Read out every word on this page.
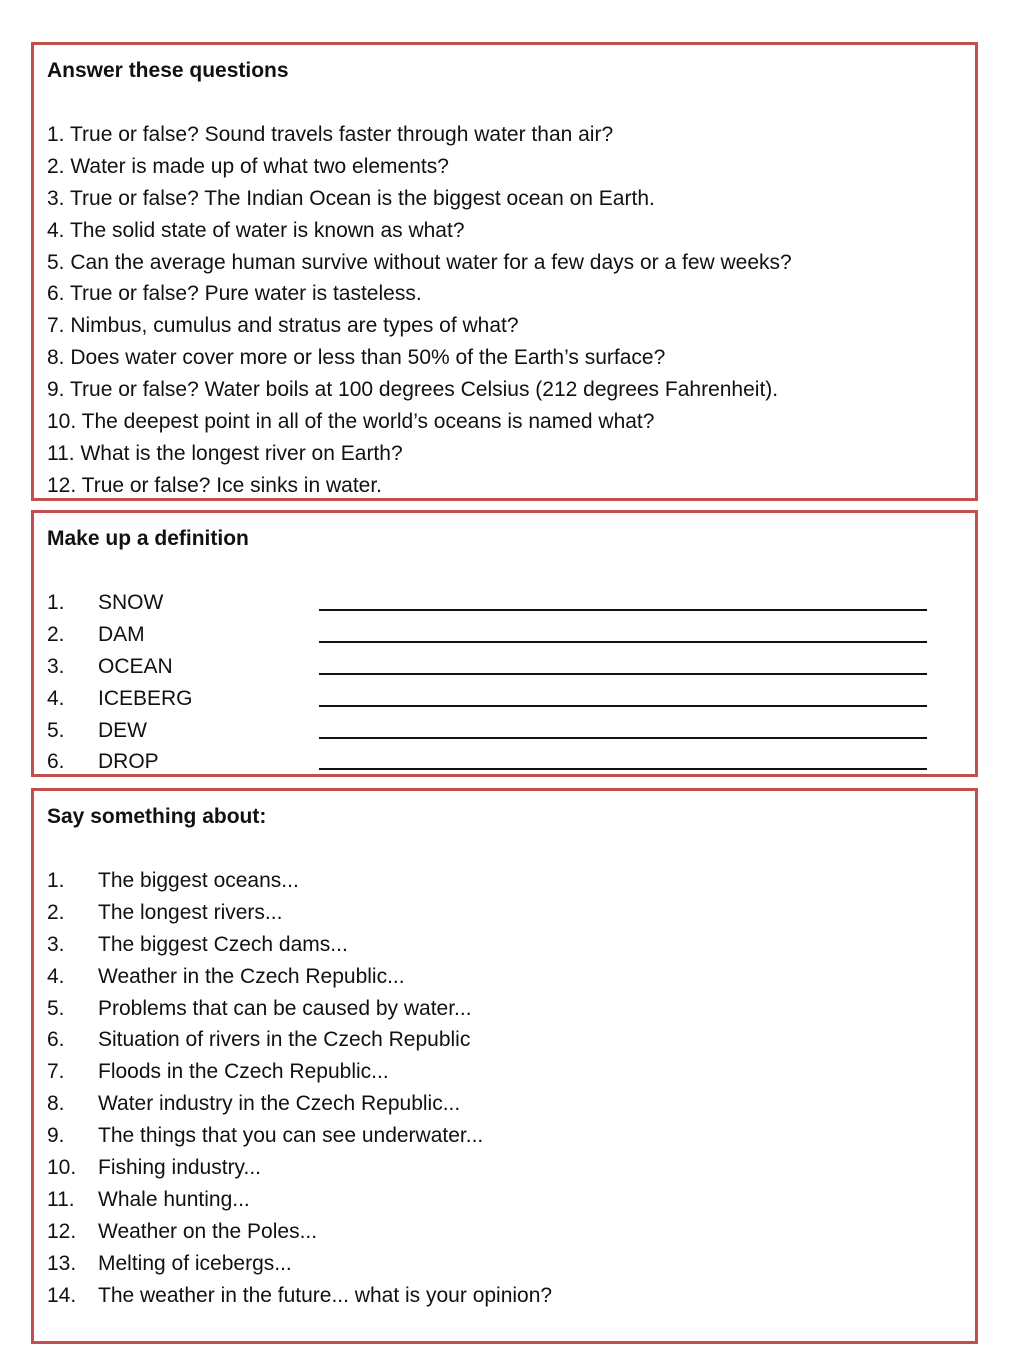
Answer these questions
1. True or false? Sound travels faster through water than air?
2. Water is made up of what two elements?
3. True or false? The Indian Ocean is the biggest ocean on Earth.
4. The solid state of water is known as what?
5. Can the average human survive without water for a few days or a few weeks?
6. True or false? Pure water is tasteless.
7. Nimbus, cumulus and stratus are types of what?
8. Does water cover more or less than 50% of the Earth’s surface?
9. True or false? Water boils at 100 degrees Celsius (212 degrees Fahrenheit).
10. The deepest point in all of the world’s oceans is named what?
11. What is the longest river on Earth?
12. True or false? Ice sinks in water.
Make up a definition
1.	SNOW
2.	DAM
3.	OCEAN
4.	ICEBERG
5.	DEW
6.	DROP
Say something about:
1.	The biggest oceans...
2.	The longest rivers...
3.	The biggest Czech dams...
4.	Weather in the Czech Republic...
5.	Problems that can be caused by water...
6.	Situation of rivers in the Czech Republic
7.	Floods in the Czech Republic...
8.	Water industry in the Czech Republic...
9.	The things that you can see underwater...
10.	Fishing industry...
11.	Whale hunting...
12.	Weather on the Poles...
13.	Melting of icebergs...
14.	The weather in the future... what is your opinion?
